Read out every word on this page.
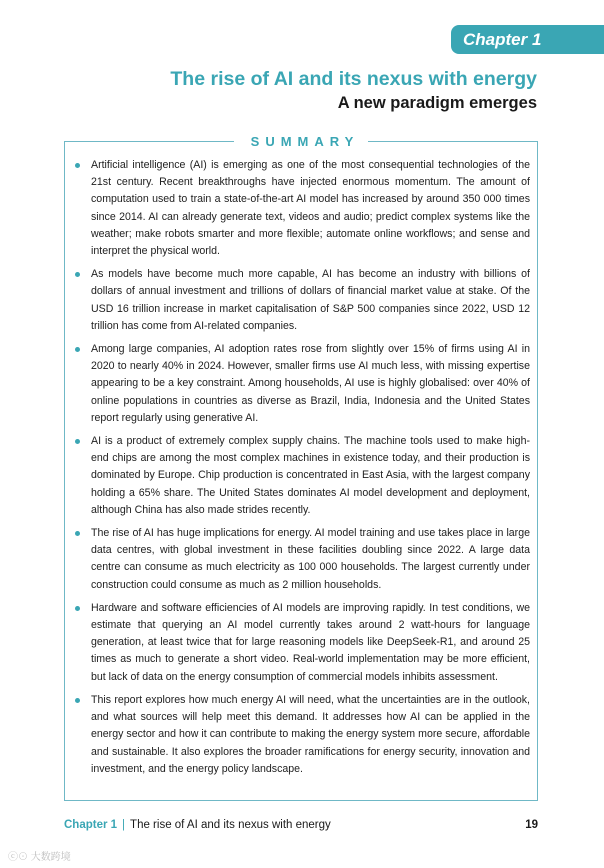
Chapter 1
The rise of AI and its nexus with energy
A new paradigm emerges
SUMMARY
Artificial intelligence (AI) is emerging as one of the most consequential technologies of the 21st century. Recent breakthroughs have injected enormous momentum. The amount of computation used to train a state-of-the-art AI model has increased by around 350 000 times since 2014. AI can already generate text, videos and audio; predict complex systems like the weather; make robots smarter and more flexible; automate online workflows; and sense and interpret the physical world.
As models have become much more capable, AI has become an industry with billions of dollars of annual investment and trillions of dollars of financial market value at stake. Of the USD 16 trillion increase in market capitalisation of S&P 500 companies since 2022, USD 12 trillion has come from AI-related companies.
Among large companies, AI adoption rates rose from slightly over 15% of firms using AI in 2020 to nearly 40% in 2024. However, smaller firms use AI much less, with missing expertise appearing to be a key constraint. Among households, AI use is highly globalised: over 40% of online populations in countries as diverse as Brazil, India, Indonesia and the United States report regularly using generative AI.
AI is a product of extremely complex supply chains. The machine tools used to make high-end chips are among the most complex machines in existence today, and their production is dominated by Europe. Chip production is concentrated in East Asia, with the largest company holding a 65% share. The United States dominates AI model development and deployment, although China has also made strides recently.
The rise of AI has huge implications for energy. AI model training and use takes place in large data centres, with global investment in these facilities doubling since 2022. A large data centre can consume as much electricity as 100 000 households. The largest currently under construction could consume as much as 2 million households.
Hardware and software efficiencies of AI models are improving rapidly. In test conditions, we estimate that querying an AI model currently takes around 2 watt-hours for language generation, at least twice that for large reasoning models like DeepSeek-R1, and around 25 times as much to generate a short video. Real-world implementation may be more efficient, but lack of data on the energy consumption of commercial models inhibits assessment.
This report explores how much energy AI will need, what the uncertainties are in the outlook, and what sources will help meet this demand. It addresses how AI can be applied in the energy sector and how it can contribute to making the energy system more secure, affordable and sustainable. It also explores the broader ramifications for energy security, innovation and investment, and the energy policy landscape.
Chapter 1 | The rise of AI and its nexus with energy	19
ⓒ⊙ 大数跨境
